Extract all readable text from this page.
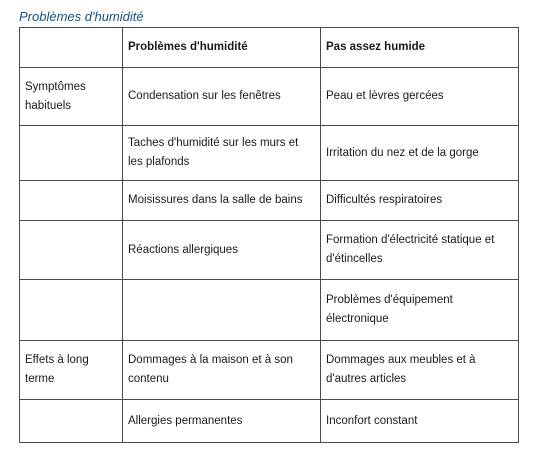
Problèmes d'humidité
	Problèmes d'humidité	Pas assez humide
Symptômes habituels	Condensation sur les fenêtres	Peau et lèvres gercées
	Taches d'humidité sur les murs et les plafonds	Irritation du nez et de la gorge
	Moisissures dans la salle de bains	Difficultés respiratoires
	Réactions allergiques	Formation d'électricité statique et d'étincelles
		Problèmes d'équipement électronique
Effets à long terme	Dommages à la maison et à son contenu	Dommages aux meubles et à d'autres articles
	Allergies permanentes	Inconfort constant
